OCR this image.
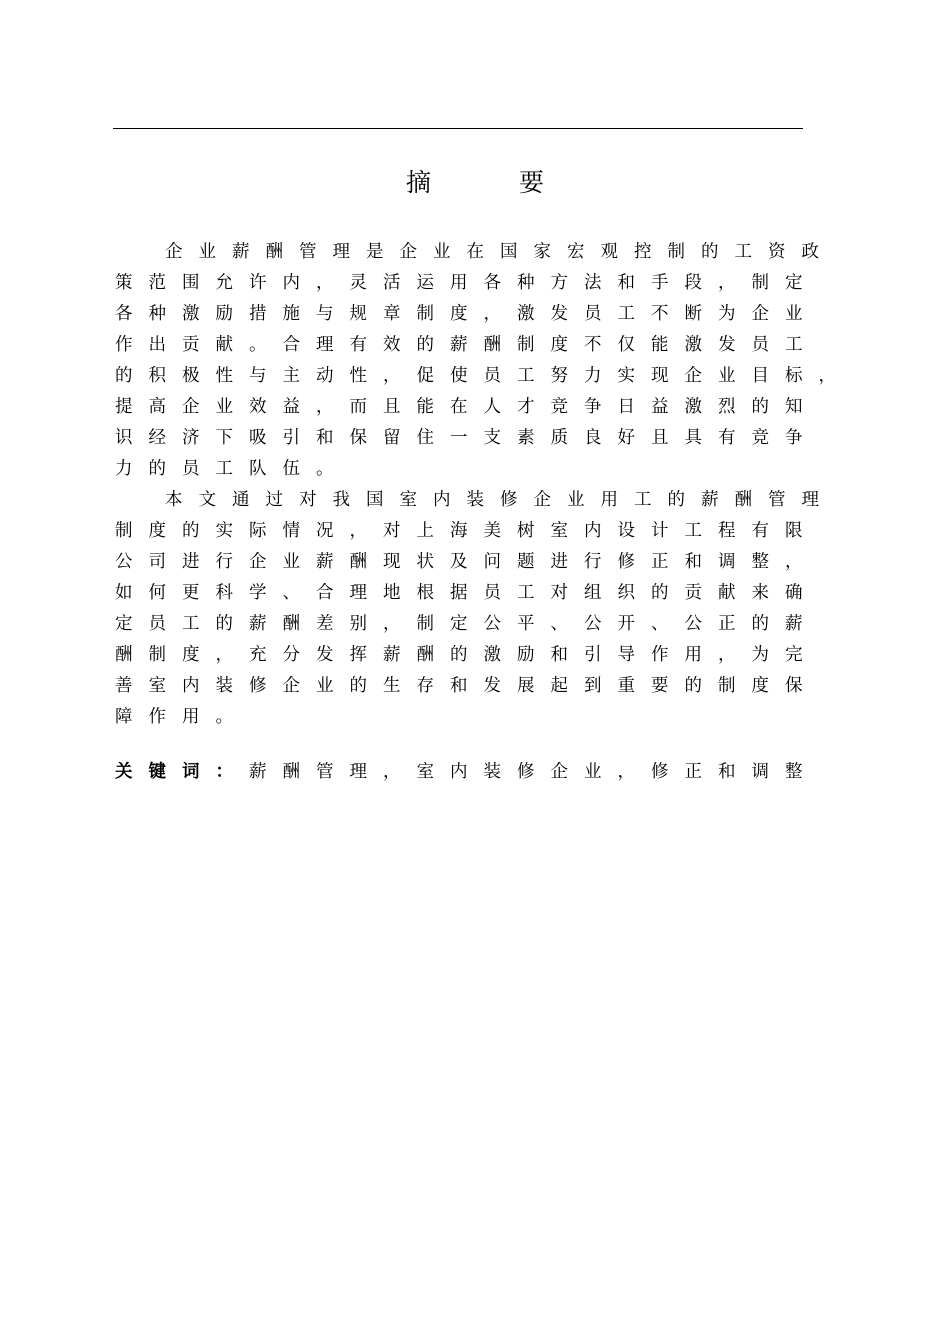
摘 要
企业薪酬管理是企业在国家宏观控制的工资政
策范围允许内，灵活运用各种方法和手段，制定
各种激励措施与规章制度，激发员工不断为企业
作出贡献。合理有效的薪酬制度不仅能激发员工
的积极性与主动性，促使员工努力实现企业目标，
提高企业效益，而且能在人才竞争日益激烈的知
识经济下吸引和保留住一支素质良好且具有竞争
力的员工队伍。
本文通过对我国室内装修企业用工的薪酬管理
制度的实际情况，对上海美树室内设计工程有限
公司进行企业薪酬现状及问题进行修正和调整，
如何更科学、合理地根据员工对组织的贡献来确
定员工的薪酬差别，制定公平、公开、公正的薪
酬制度，充分发挥薪酬的激励和引导作用，为完
善室内装修企业的生存和发展起到重要的制度保
障作用。
关键词：薪酬管理，室内装修企业，修正和调整
